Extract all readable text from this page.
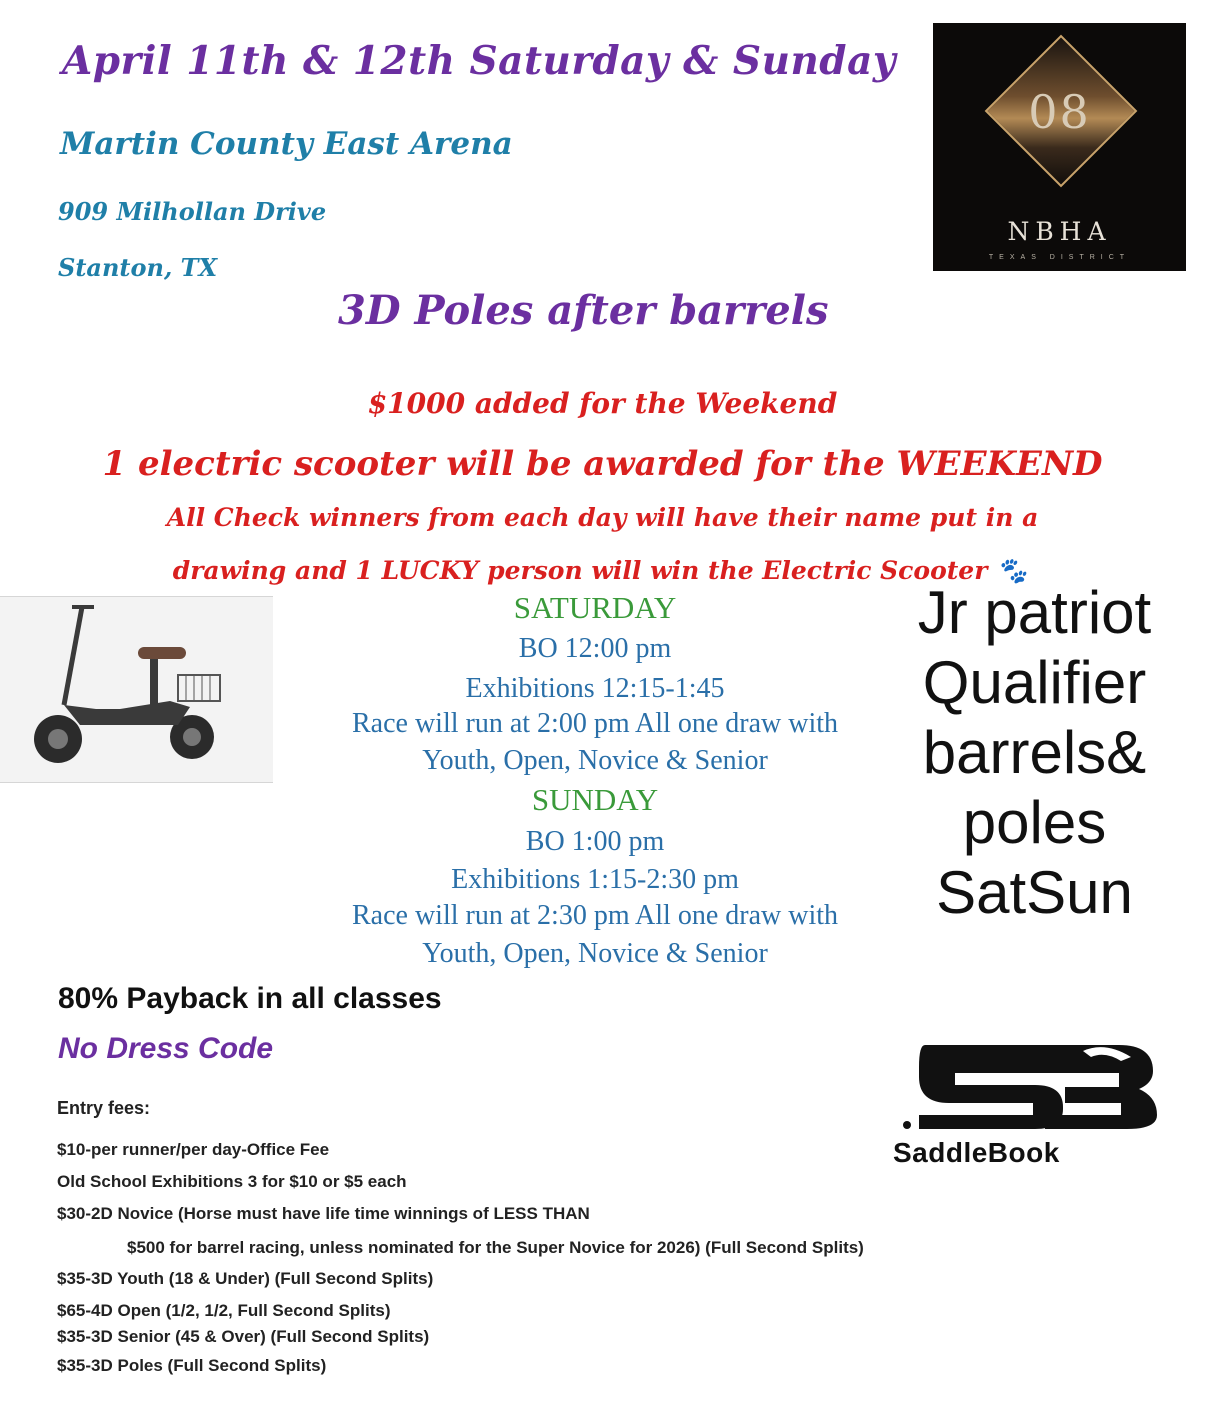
April 11th & 12th Saturday & Sunday
Martin County East Arena
909 Milhollan Drive
Stanton, TX
3D Poles after barrels
08
NBHA
TEXAS DISTRICT
$1000 added for the Weekend
1 electric scooter will be awarded for the WEEKEND
All Check winners from each day will have their name put in a
drawing and 1 LUCKY person will win the Electric Scooter 🐾
SATURDAY
BO 12:00 pm
Exhibitions 12:15-1:45
Race will run at 2:00 pm All one draw with
Youth, Open, Novice & Senior
SUNDAY
BO 1:00 pm
Exhibitions 1:15-2:30 pm
Race will run at 2:30 pm All one draw with
Youth, Open, Novice & Senior
Jr patriot
Qualifier
barrels&
poles
SatSun
80% Payback in all classes
No Dress Code
Entry fees:
$10-per runner/per day-Office Fee
Old School Exhibitions 3 for $10 or $5 each
$30-2D Novice (Horse must have life time winnings of LESS THAN
$500 for barrel racing, unless nominated for the Super Novice for 2026) (Full Second Splits)
$35-3D Youth (18 & Under) (Full Second Splits)
$65-4D Open (1/2, 1/2, Full Second Splits)
$35-3D Senior (45 & Over) (Full Second Splits)
$35-3D Poles (Full Second Splits)
SaddleBook
